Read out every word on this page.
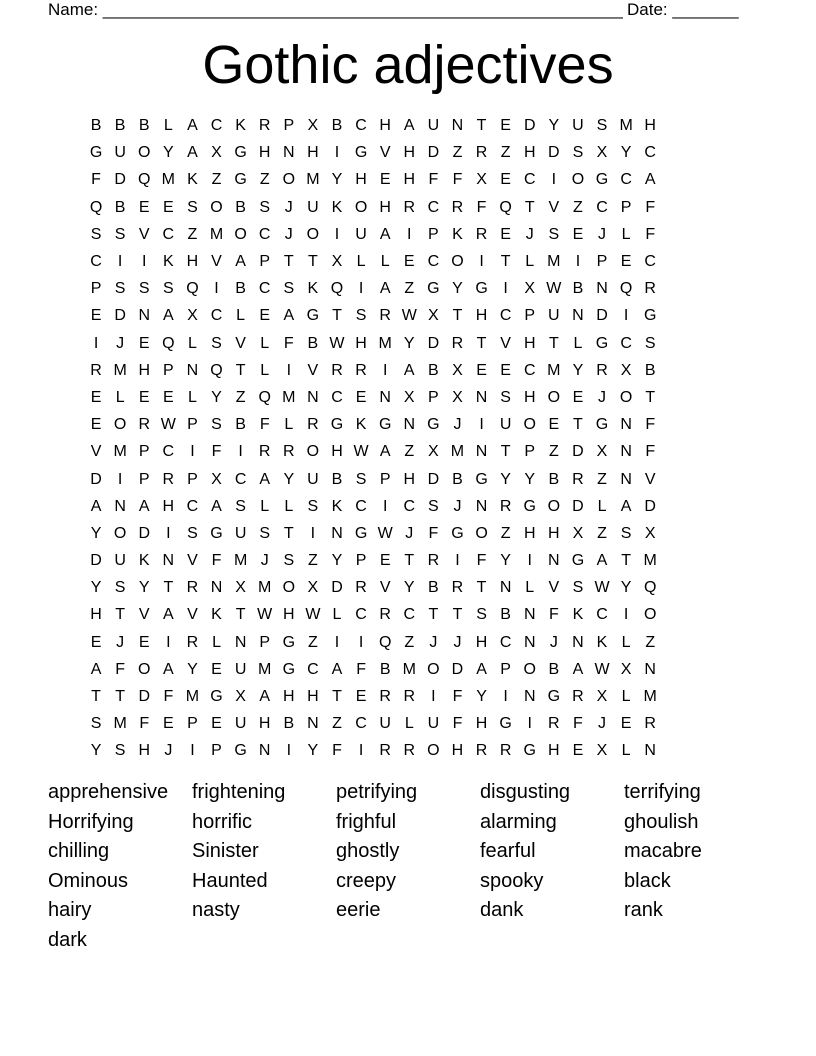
Name: _______________________________________________________ Date: _______
Gothic adjectives
B B B L A C K R P X B C H A U N T E D Y U S M H
G U O Y A X G H N H	I G V H D Z R Z H D S X Y C
F D Q M K Z G Z O M Y H E H F F X E C	I O G C A
Q B E E S O B S J U K O H R C R F Q T V Z C P F
S S V C Z M O C J O I	U A	I	P K R E J S E J L F
C	I	I	K H V A P T T X L L E C O I	T L M I	P E C
P S S S Q I	B C S K Q I	A Z G Y G I	X W B N Q R
E D N A X C L E A G T S R W X T H C P U N D	I G
I	J E Q L S V L F B W H M Y D R T V H T L G C S
R M H P N Q T L	I	V R R	I	A B X E E C M Y R X B
E L E E L Y Z Q M N C E N X P X N S H O E J O T
E O R W P S B F L R G K G N G J	I	U O E T G N F
V M P C	I	F	I	R R O H W A Z X M N T P Z D X N F
D	I	P R P X C A Y U B S P H D B G Y Y B R Z N V
A N A H C A S L L S K C	I	C S J N R G O D L A D
Y O D	I	S G U S T	I	N G W J F G O Z H H X Z S X
D U K N V F M J S Z Y P E T R	I	F Y	I	N G A T M
Y S Y T R N X M O X D R V Y B R T N L V S W Y Q
H T V A V K T W H W L C R C T T S B N F K C	I O
E J E	I	R L N P G Z	I	I Q Z J	J H C N J N K L Z
A F O A Y E U M G C A F B M O D A P O B A W X N
T T D F M G X A H H T E R R	I	F Y	I	N G R X L M
S M F E P E U H B N Z C U L U F H G I	R F J E R
Y S H J	I	P G N	I	Y F	I	R R O H R R G H E X L N
apprehensive	frightening	petrifying	disgusting	terrifying
Horrifying	horrific	frighful	alarming	ghoulish
chilling	Sinister	ghostly	fearful	macabre
Ominous	Haunted	creepy	spooky	black
hairy	nasty	eerie	dank	rank
dark
